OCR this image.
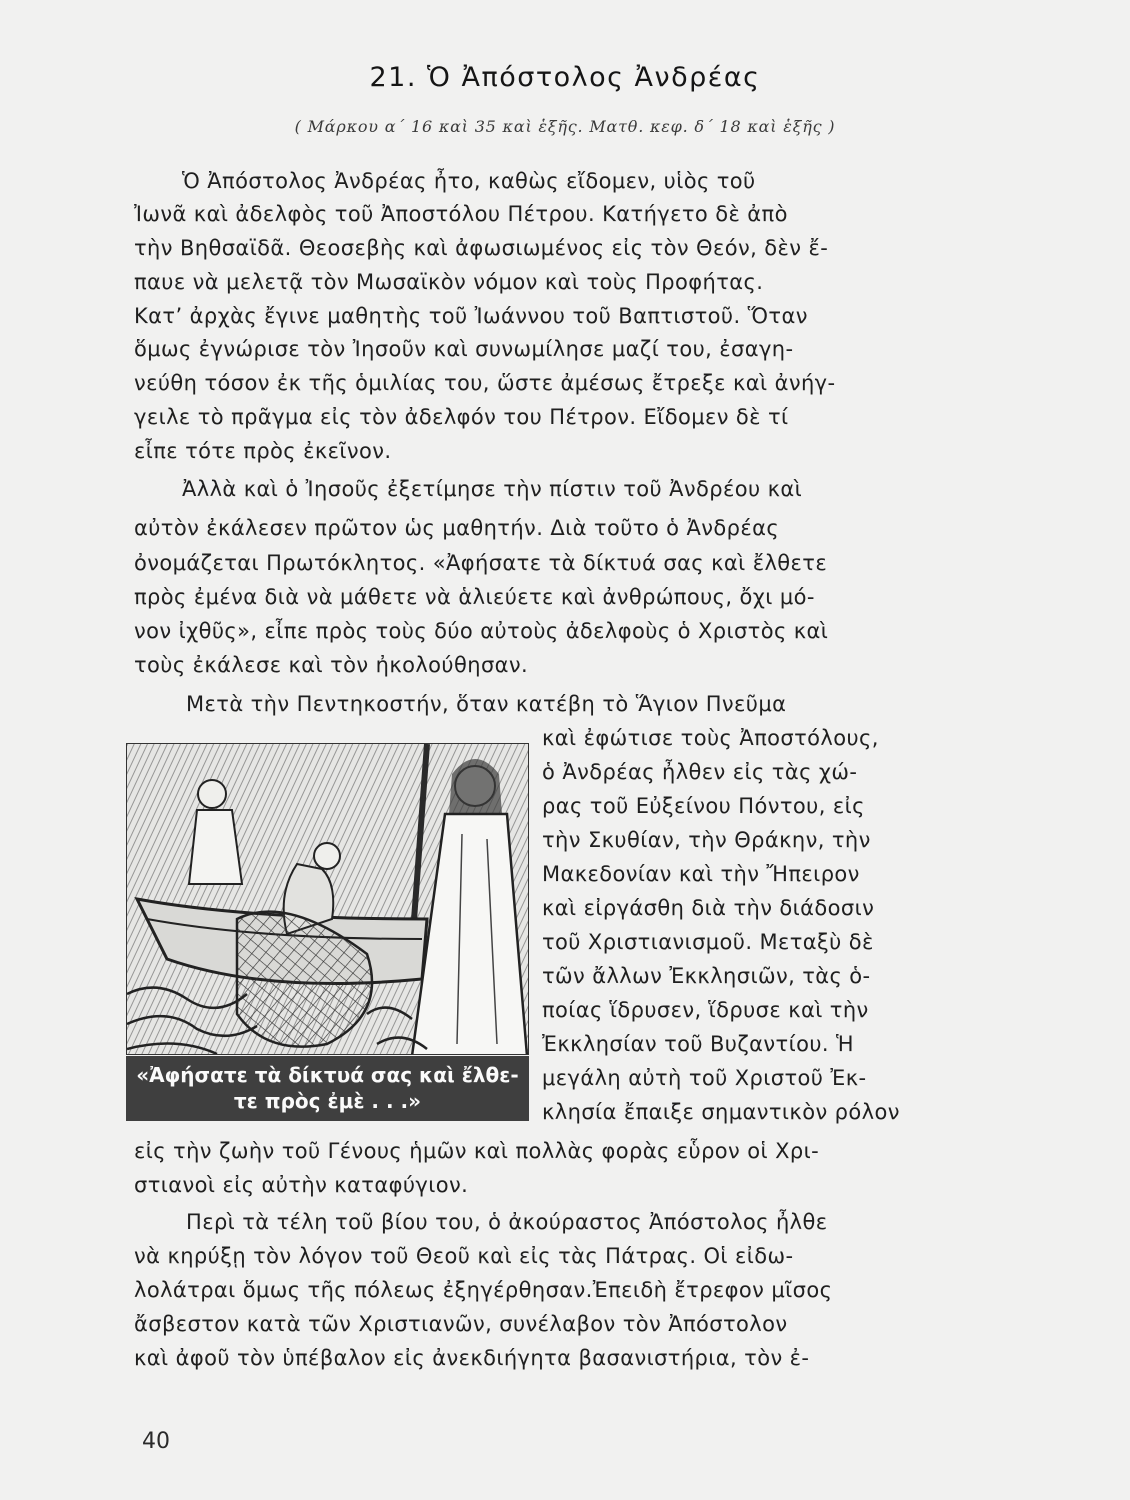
21. Ὁ Ἀπόστολος Ἀνδρέας
( Μάρκου α΄ 16 καὶ 35 καὶ ἑξῆς. Ματθ. κεφ. δ΄ 18 καὶ ἑξῆς )
Ὁ Ἀπόστολος Ἀνδρέας ἦτο, καθὼς εἴδομεν, υἱὸς τοῦ
Ἰωνᾶ καὶ ἀδελφὸς τοῦ Ἀποστόλου Πέτρου. Κατήγετο δὲ ἀπὸ
τὴν Βηθσαϊδᾶ. Θεοσεβὴς καὶ ἀφωσιωμένος εἰς τὸν Θεόν, δὲν ἔ-
παυε νὰ μελετᾷ τὸν Μωσαϊκὸν νόμον καὶ τοὺς Προφήτας.
Κατ’ ἀρχὰς ἔγινε μαθητὴς τοῦ Ἰωάννου τοῦ Βαπτιστοῦ. Ὅταν
ὅμως ἐγνώρισε τὸν Ἰησοῦν καὶ συνωμίλησε μαζί του, ἐσαγη-
νεύθη τόσον ἐκ τῆς ὁμιλίας του, ὥστε ἀμέσως ἔτρεξε καὶ ἀνήγ-
γειλε τὸ πρᾶγμα εἰς τὸν ἀδελφόν του Πέτρον. Εἴδομεν δὲ τί
εἶπε τότε πρὸς ἐκεῖνον.
Ἀλλὰ καὶ ὁ Ἰησοῦς ἐξετίμησε τὴν πίστιν τοῦ Ἀνδρέου καὶ
αὐτὸν ἐκάλεσεν πρῶτον ὡς μαθητήν. Διὰ τοῦτο ὁ Ἀνδρέας
ὀνομάζεται Πρωτόκλητος. «Ἀφήσατε τὰ δίκτυά σας καὶ ἔλθετε
πρὸς ἐμένα διὰ νὰ μάθετε νὰ ἁλιεύετε καὶ ἀνθρώπους, ὄχι μό-
νον ἰχθῦς», εἶπε πρὸς τοὺς δύο αὐτοὺς ἀδελφοὺς ὁ Χριστὸς καὶ
τοὺς ἐκάλεσε καὶ τὸν ἠκολούθησαν.
Μετὰ τὴν Πεντηκοστήν, ὅταν κατέβη τὸ Ἅγιον Πνεῦμα
καὶ ἐφώτισε τοὺς Ἀποστόλους,
ὁ Ἀνδρέας ἦλθεν εἰς τὰς χώ-
ρας τοῦ Εὐξείνου Πόντου, εἰς
τὴν Σκυθίαν, τὴν Θράκην, τὴν
Μακεδονίαν καὶ τὴν Ἤπειρον
καὶ εἰργάσθη διὰ τὴν διάδοσιν
τοῦ Χριστιανισμοῦ. Μεταξὺ δὲ
τῶν ἄλλων Ἐκκλησιῶν, τὰς ὁ-
ποίας ἵδρυσεν, ἵδρυσε καὶ τὴν
Ἐκκλησίαν τοῦ Βυζαντίου. Ἡ
μεγάλη αὐτὴ τοῦ Χριστοῦ Ἐκ-
κλησία ἔπαιξε σημαντικὸν ρόλον
εἰς τὴν ζωὴν τοῦ Γένους ἡμῶν καὶ πολλὰς φορὰς εὗρον οἱ Χρι-
στιανοὶ εἰς αὐτὴν καταφύγιον.
Περὶ τὰ τέλη τοῦ βίου του, ὁ ἀκούραστος Ἀπόστολος ἦλθε
νὰ κηρύξῃ τὸν λόγον τοῦ Θεοῦ καὶ εἰς τὰς Πάτρας. Οἱ εἰδω-
λολάτραι ὅμως τῆς πόλεως ἐξηγέρθησαν.Ἐπειδὴ ἔτρεφον μῖσος
ἄσβεστον κατὰ τῶν Χριστιανῶν, συνέλαβον τὸν Ἀπόστολον
καὶ ἀφοῦ τὸν ὑπέβαλον εἰς ἀνεκδιήγητα βασανιστήρια, τὸν ἐ-
«Ἀφήσατε τὰ δίκτυά σας καὶ ἔλθε-
τε πρὸς ἐμὲ . . .»
40
